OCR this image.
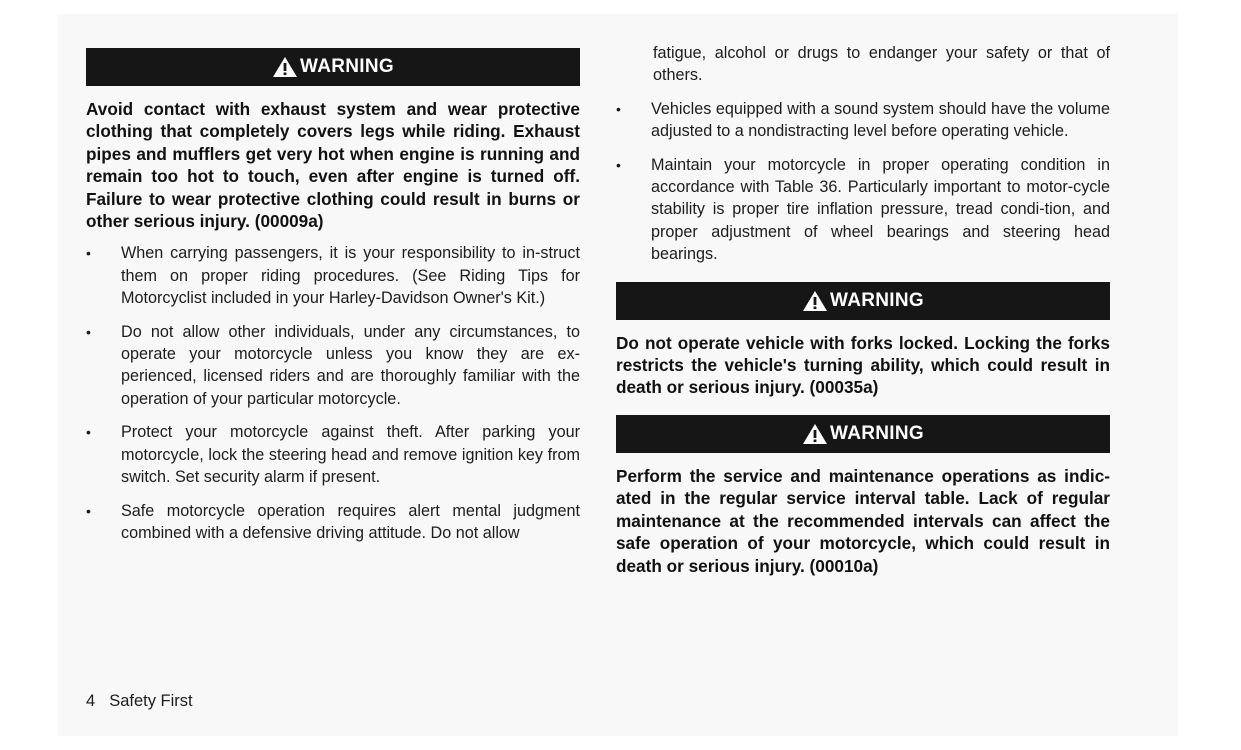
WARNING

Avoid contact with exhaust system and wear protective clothing that completely covers legs while riding. Exhaust pipes and mufflers get very hot when engine is running and remain too hot to touch, even after engine is turned off. Failure to wear protective clothing could result in burns or other serious injury. (00009a)

•	When carrying passengers, it is your responsibility to in-struct them on proper riding procedures. (See Riding Tips for Motorcyclist included in your Harley-Davidson Owner's Kit.)
•	Do not allow other individuals, under any circumstances, to operate your motorcycle unless you know they are ex-perienced, licensed riders and are thoroughly familiar with the operation of your particular motorcycle.
•	Protect your motorcycle against theft. After parking your motorcycle, lock the steering head and remove ignition key from switch. Set security alarm if present.
•	Safe motorcycle operation requires alert mental judgment combined with a defensive driving attitude. Do not allow

fatigue, alcohol or drugs to endanger your safety or that of others.

•	Vehicles equipped with a sound system should have the volume adjusted to a nondistracting level before operating vehicle.
•	Maintain your motorcycle in proper operating condition in accordance with Table 36. Particularly important to motor-cycle stability is proper tire inflation pressure, tread condi-tion, and proper adjustment of wheel bearings and steering head bearings.
WARNING

Do not operate vehicle with forks locked. Locking the forks restricts the vehicle's turning ability, which could result in death or serious injury. (00035a)

WARNING

Perform the service and maintenance operations as indic-ated in the regular service interval table. Lack of regular maintenance at the recommended intervals can affect the safe operation of your motorcycle, which could result in death or serious injury. (00010a)

4 Safety First
